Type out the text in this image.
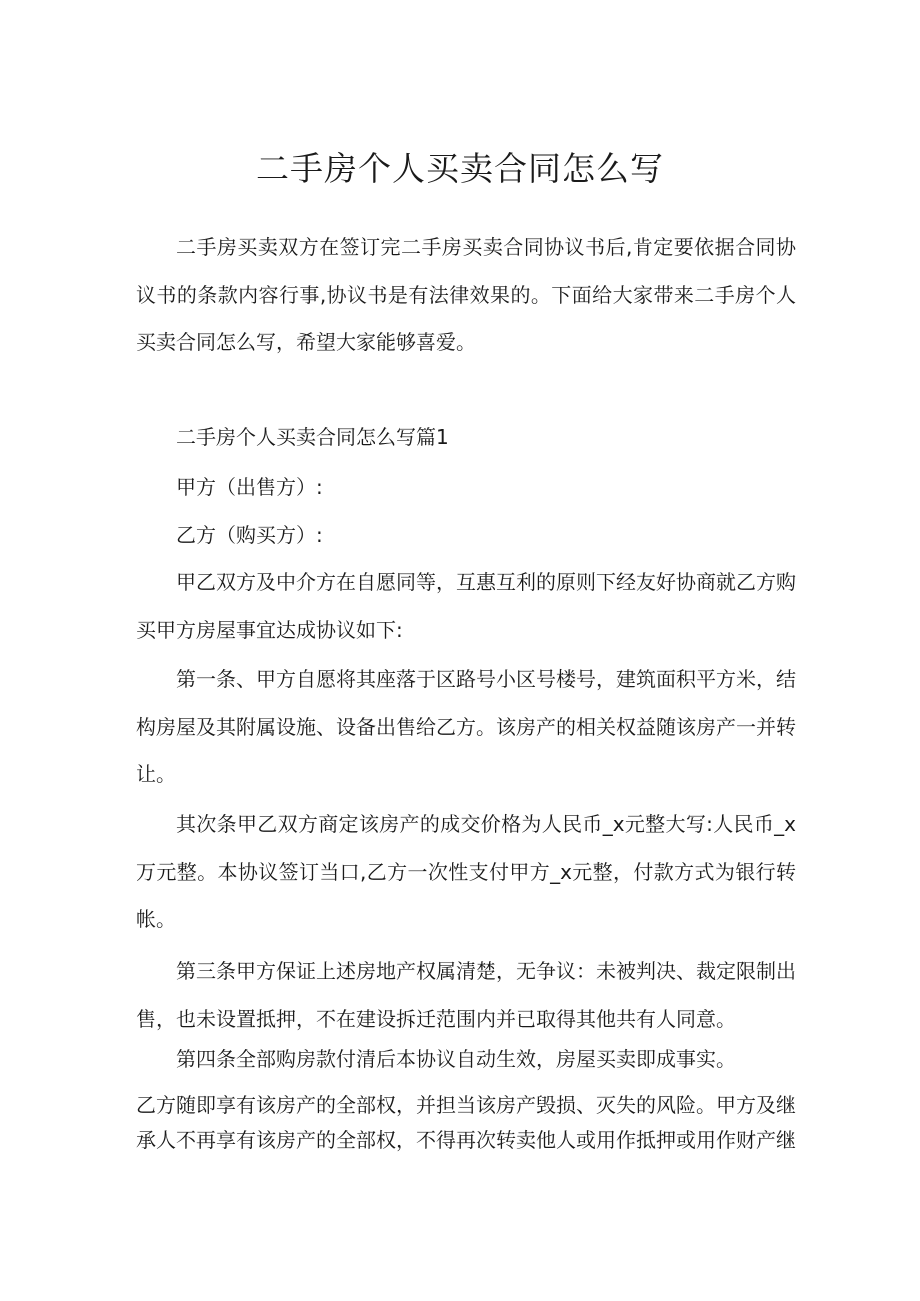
二手房个人买卖合同怎么写

二手房买卖双方在签订完二手房买卖合同协议书后,肯定要依据合同协议书的条款内容行事,协议书是有法律效果的。下面给大家带来二手房个人买卖合同怎么写，希望大家能够喜爱。

二手房个人买卖合同怎么写篇1

甲方（出售方）:

乙方（购买方）:

甲乙双方及中介方在自愿同等，互惠互利的原则下经友好协商就乙方购买甲方房屋事宜达成协议如下:

第一条、甲方自愿将其座落于区路号小区号楼号，建筑面积平方米，结构房屋及其附属设施、设备出售给乙方。该房产的相关权益随该房产一并转让。

其次条甲乙双方商定该房产的成交价格为人民币_x元整大写:人民币_x万元整。本协议签订当口,乙方一次性支付甲方_x元整，付款方式为银行转帐。

第三条甲方保证上述房地产权属清楚，无争议：未被判决、裁定限制出售，也未设置抵押，不在建设拆迁范围内并已取得其他共有人同意。

第四条全部购房款付清后本协议自动生效，房屋买卖即成事实。

乙方随即享有该房产的全部权，并担当该房产毁损、灭失的风险。甲方及继承人不再享有该房产的全部权，不得再次转卖他人或用作抵押或用作财产继
